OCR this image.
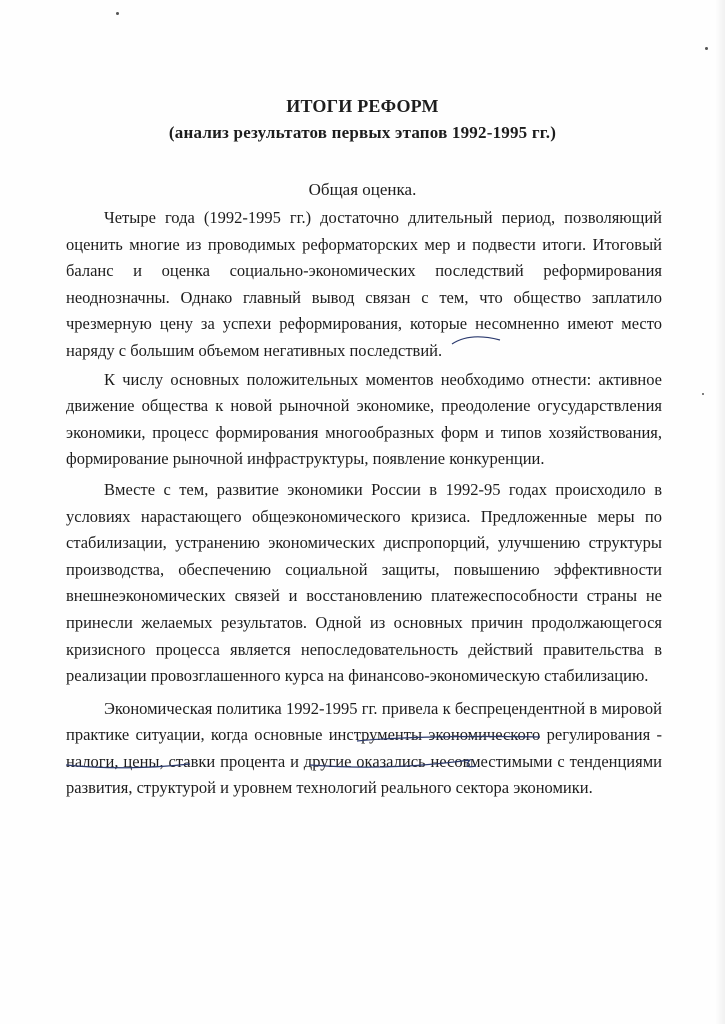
ИТОГИ РЕФОРМ
(анализ результатов первых этапов 1992-1995 гг.)
Общая оценка.

Четыре года (1992-1995 гг.) достаточно длительный период, позволяющий оценить многие из проводимых реформаторских мер и подвести итоги. Итоговый баланс и оценка социально-экономических последствий реформирования неоднозначны. Однако главный вывод связан с тем, что общество заплатило чрезмерную цену за успехи реформирования, которые несомненно имеют место наряду с большим объемом негативных последствий.

К числу основных положительных моментов необходимо отнести: активное движение общества к новой рыночной экономике, преодоление огусударствления экономики, процесс формирования многообразных форм и типов хозяйствования, формирование рыночной инфраструктуры, появление конкуренции.

Вместе с тем, развитие экономики России в 1992-95 годах происходило в условиях нарастающего общеэкономического кризиса. Предложенные меры по стабилизации, устранению экономических диспропорций, улучшению структуры производства, обеспечению социальной защиты, повышению эффективности внешнеэкономических связей и восстановлению платежеспособности страны не принесли желаемых результатов. Одной из основных причин продолжающегося кризисного процесса является непоследовательность действий правительства в реализации провозглашенного курса на финансово-экономическую стабилизацию.

Экономическая политика 1992-1995 гг. привела к беспрецендентной в мировой практике ситуации, когда основные инструменты экономического регулирования - налоги, цены, ставки процента и другие оказались несовместимыми с тенденциями развития, структурой и уровнем технологий реального сектора экономики.
